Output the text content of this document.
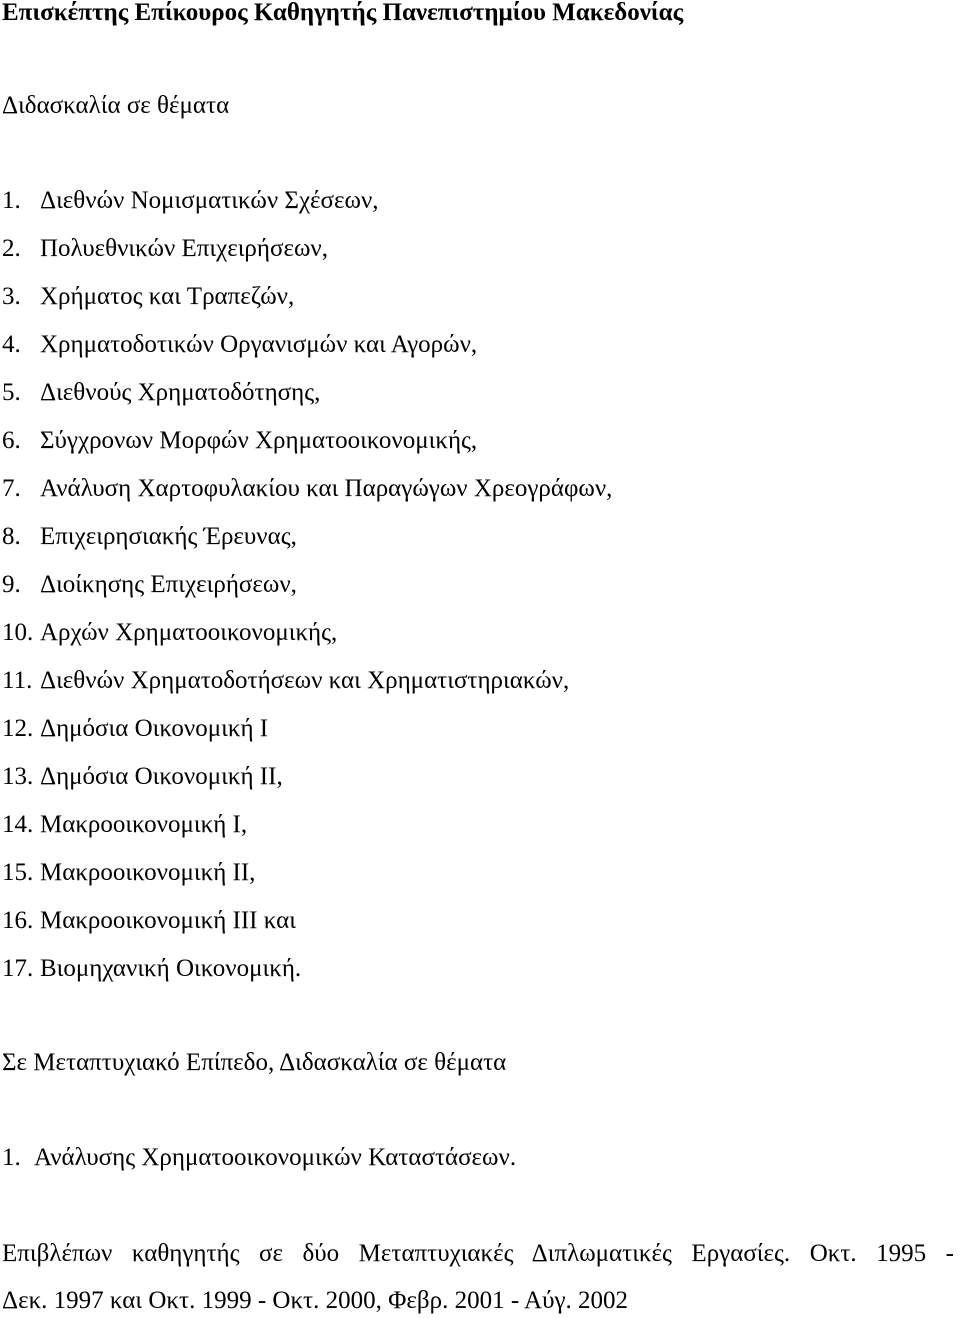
Επισκέπτης Επίκουρος Καθηγητής Πανεπιστημίου Μακεδονίας
Διδασκαλία σε θέματα
1. Διεθνών Νομισματικών Σχέσεων,
2. Πολυεθνικών Επιχειρήσεων,
3. Χρήματος και Τραπεζών,
4. Χρηματοδοτικών Οργανισμών και Αγορών,
5. Διεθνούς Χρηματοδότησης,
6. Σύγχρονων Μορφών Χρηματοοικονομικής,
7. Ανάλυση Χαρτοφυλακίου και Παραγώγων Χρεογράφων,
8. Επιχειρησιακής Έρευνας,
9. Διοίκησης Επιχειρήσεων,
10. Αρχών Χρηματοοικονομικής,
11. Διεθνών Χρηματοδοτήσεων και Χρηματιστηριακών,
12. Δημόσια Οικονομική Ι
13. Δημόσια Οικονομική ΙΙ,
14. Μακροοικονομική Ι,
15. Μακροοικονομική ΙΙ,
16. Μακροοικονομική ΙΙΙ και
17. Βιομηχανική Οικονομική.
Σε Μεταπτυχιακό Επίπεδο, Διδασκαλία σε θέματα
1. Ανάλυσης Χρηματοοικονομικών Καταστάσεων.
Επιβλέπων καθηγητής σε δύο Μεταπτυχιακές Διπλωματικές Εργασίες. Οκτ. 1995 -
Δεκ. 1997 και Οκτ. 1999 - Οκτ. 2000, Φεβρ. 2001 - Αύγ. 2002
